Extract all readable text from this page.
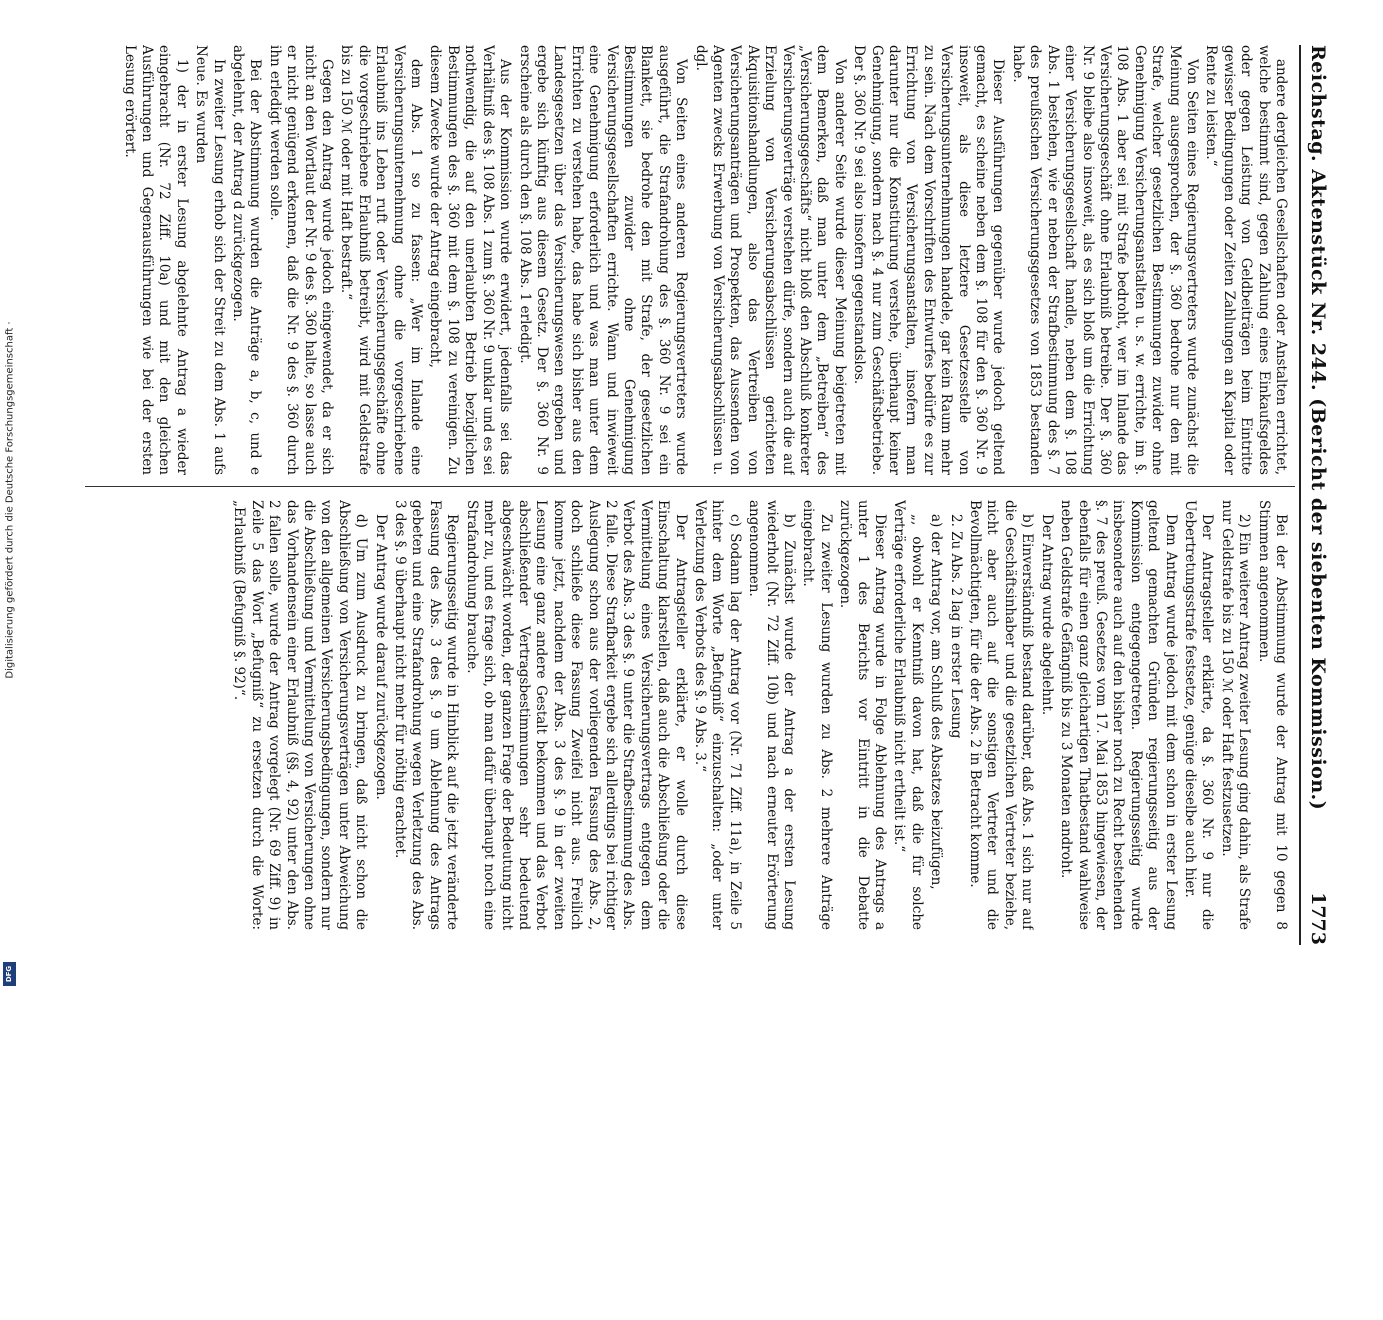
Digitalisierung gefördert durch die Deutsche Forschungsgemeinschaft ·
DFG
Reichstag. Aktenstück Nr. 244. (Bericht der siebenten Kommission.)
1773

andere dergleichen Gesellschaften oder Anstalten errichtet, welche bestimmt sind, gegen Zahlung eines Einkaufsgeldes oder gegen Leistung von Geldbeiträgen beim Eintritte gewisser Bedingungen oder Zeiten Zahlungen an Kapital oder Rente zu leisten.“

Von Seiten eines Regierungsvertreters wurde zunächst die Meinung ausgesprochen, der §. 360 bedrohe nur den mit Strafe, welcher gesetzlichen Bestimmungen zuwider ohne Genehmigung Versicherungsanstalten u. s. w. errichte, im §. 108 Abs. 1 aber sei mit Strafe bedroht, wer im Inlande das Versicherungsgeschäft ohne Erlaubniß betreibe. Der §. 360 Nr. 9 bleibe also insoweit, als es sich bloß um die Errichtung einer Versicherungsgesellschaft handle, neben dem §. 108 Abs. 1 bestehen, wie er neben der Strafbestimmung des §. 7 des preußischen Versicherungsgesetzes von 1853 bestanden habe.

Dieser Ausführungen gegenüber wurde jedoch geltend gemacht, es scheine neben dem §. 108 für den §. 360 Nr. 9 insoweit, als diese letztere Gesetzesstelle von Versicherungsunternehmungen handele, gar kein Raum mehr zu sein. Nach dem Vorschriften des Entwurfes bedürfe es zur Errichtung von Versicherungsanstalten, insofern man darunter nur die Konstituirung verstehe, überhaupt keiner Genehmigung, sondern nach §. 4 nur zum Geschäftsbetriebe. Der §. 360 Nr. 9 sei also insofern gegenstandslos.

Von anderer Seite wurde dieser Meinung beigetreten mit dem Bemerken, daß man unter dem „Betreiben“ des „Versicherungsgeschäfts“ nicht bloß den Abschluß konkreter Versicherungsverträge verstehen dürfe, sondern auch die auf Erzielung von Versicherungsabschlüssen gerichteten Akquisitionshandlungen, also das Vertreiben von Versicherungsanträgen und Prospekten, das Aussenden von Agenten zwecks Erwerbung von Versicherungsabschlüssen u. dgl.

Von Seiten eines anderen Regierungsvertreters wurde ausgeführt, die Strafandrohung des §. 360 Nr. 9 sei ein Blankett, sie bedrohe den mit Strafe, der gesetzlichen Bestimmungen zuwider ohne Genehmigung Versicherungsgesellschaften errichte. Wann und inwieweit eine Genehmigung erforderlich und was man unter dem Errichten zu verstehen habe, das habe sich bisher aus den Landesgesetzen über das Versicherungswesen ergeben und ergebe sich künftig aus diesem Gesetz. Der §. 360 Nr. 9 erscheine als durch den §. 108 Abs. 1 erledigt.

Aus der Kommission wurde erwidert, jedenfalls sei das Verhältniß des §. 108 Abs. 1 zum §. 360 Nr. 9 unklar und es sei nothwendig, die auf den unerlaubten Betrieb bezüglichen Bestimmungen des §. 360 mit dem §. 108 zu vereinigen. Zu diesem Zwecke wurde der Antrag eingebracht,

dem Abs. 1 so zu fassen: „Wer im Inlande eine Versicherungsunternehmung ohne die vorgeschriebene Erlaubniß ins Leben ruft oder Versicherungsgeschäfte ohne die vorgeschriebene Erlaubniß betreibt, wird mit Geldstrafe bis zu 150 ℳ oder mit Haft bestraft.“

Gegen den Antrag wurde jedoch eingewendet, da er sich nicht an den Wortlaut der Nr. 9 des §. 360 halte, so lasse auch er nicht genügend erkennen, daß die Nr. 9 des §. 360 durch ihn erledigt werden solle.

Bei der Abstimmung wurden die Anträge a, b, c, und e abgelehnt, der Antrag d zurückgezogen.

In zweiter Lesung erhob sich der Streit zu dem Abs. 1 aufs Neue. Es wurden

1) der in erster Lesung abgelehnte Antrag a wieder eingebracht (Nr. 72 Ziff. 10a) und mit den gleichen Ausführungen und Gegenausführungen wie bei der ersten Lesung erörtert.

Bei der Abstimmung wurde der Antrag mit 10 gegen 8 Stimmen angenommen.

2) Ein weiterer Antrag zweiter Lesung ging dahin, als Strafe nur Geldstrafe bis zu 150 ℳ oder Haft festzusetzen.

Der Antragsteller erklärte, da §. 360 Nr. 9 nur die Uebertretungsstrafe festsetze, genüge dieselbe auch hier.

Dem Antrag wurde jedoch mit dem schon in erster Lesung geltend gemachten Gründen regierungsseitig aus der Kommission entgegengetreten. Regierungsseitig wurde insbesondere auch auf den bisher noch zu Recht bestehenden §. 7 des preuß. Gesetzes vom 17. Mai 1853 hingewiesen, der ebenfalls für einen ganz gleichartigen Thatbestand wahlweise neben Geldstrafe Gefängniß bis zu 3 Monaten androht.

Der Antrag wurde abgelehnt.

b) Einverständniß bestand darüber, daß Abs. 1 sich nur auf die Geschäftsinhaber und die gesetzlichen Vertreter beziehe, nicht aber auch auf die sonstigen Vertreter und die Bevollmächtigten, für die der Abs. 2 in Betracht komme.

2. Zu Abs. 2 lag in erster Lesung

a) der Antrag vor, am Schluß des Absatzes beizufügen,

„, obwohl er Kenntniß davon hat, daß die für solche Verträge erforderliche Erlaubniß nicht ertheilt ist.“

Dieser Antrag wurde in Folge Ablehnung des Antrags a unter 1 des Berichts vor Eintritt in die Debatte zurückgezogen.

Zu zweiter Lesung wurden zu Abs. 2 mehrere Anträge eingebracht.

b) Zunächst wurde der Antrag a der ersten Lesung wiederholt (Nr. 72 Ziff. 10b) und nach erneuter Erörterung angenommen.

c) Sodann lag der Antrag vor (Nr. 71 Ziff. 11a), in Zeile 5 hinter dem Worte „Befugniß“ einzuschalten: „oder unter Verletzung des Verbots des §. 9 Abs. 3.“

Der Antragsteller erklärte, er wolle durch diese Einschaltung klarstellen, daß auch die Abschließung oder die Vermittelung eines Versicherungsvertrags entgegen dem Verbot des Abs. 3 des §. 9 unter die Strafbestimmung des Abs. 2 falle. Diese Strafbarkeit ergebe sich allerdings bei richtiger Auslegung schon aus der vorliegenden Fassung des Abs. 2, doch schließe diese Fassung Zweifel nicht aus. Freilich komme jetzt, nachdem der Abs. 3 des §. 9 in der zweiten Lesung eine ganz andere Gestalt bekommen und das Verbot abschließender Vertragsbestimmungen sehr bedeutend abgeschwächt worden, der ganzen Frage der Bedeutung nicht mehr zu, und es frage sich, ob man dafür überhaupt noch eine Strafandrohung brauche.

Regierungsseitig wurde in Hinblick auf die jetzt veränderte Fassung des Abs. 3 des §. 9 um Ablehnung des Antrags gebeten und eine Strafandrohung wegen Verletzung des Abs. 3 des §. 9 überhaupt nicht mehr für nöthig erachtet.

Der Antrag wurde darauf zurückgezogen.

d) Um zum Ausdruck zu bringen, daß nicht schon die Abschließung von Versicherungsverträgen unter Abweichung von den allgemeinen Versicherungsbedingungen, sondern nur die Abschließung und Vermittelung von Versicherungen ohne das Vorhandensein einer Erlaubniß (§§. 4, 92) unter den Abs. 2 fallen solle, wurde der Antrag vorgelegt (Nr. 69 Ziff. 9) in Zeile 5 das Wort „Befugniß“ zu ersetzen durch die Worte: „Erlaubniß (Befugniß §. 92)“.
